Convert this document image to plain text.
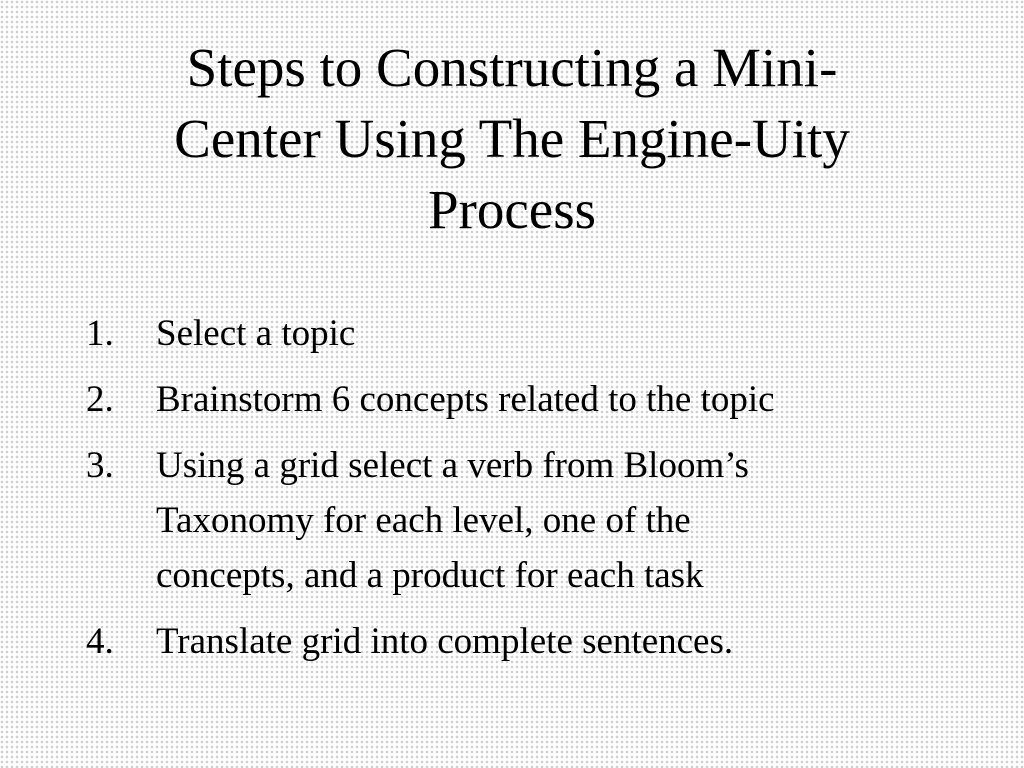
Steps to Constructing a Mini-
Center Using The Engine-Uity
Process
1. Select a topic
2. Brainstorm 6 concepts related to the topic
3. Using a grid select a verb from Bloom’s
Taxonomy for each level, one of the
concepts, and a product for each task
4. Translate grid into complete sentences.
